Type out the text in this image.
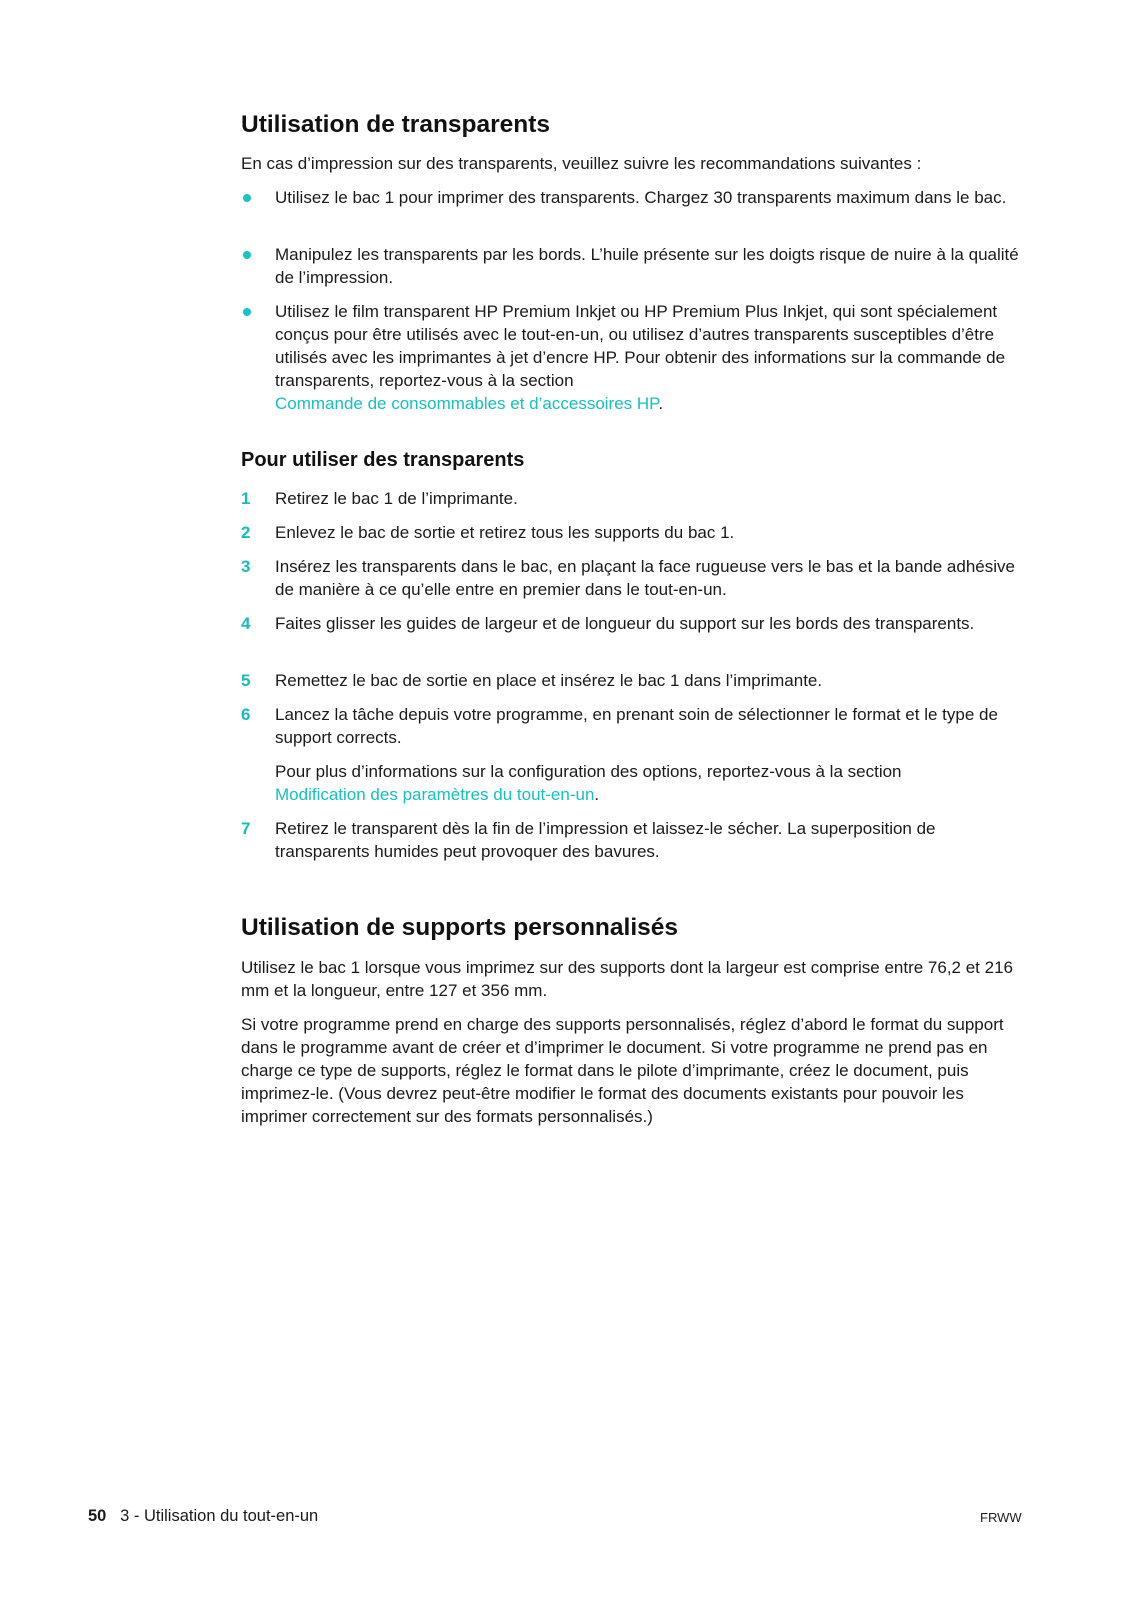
Utilisation de transparents

En cas d’impression sur des transparents, veuillez suivre les recommandations suivantes :

Utilisez le bac 1 pour imprimer des transparents. Chargez 30 transparents maximum dans le bac.
Manipulez les transparents par les bords. L’huile présente sur les doigts risque de nuire à la qualité de l’impression.
Utilisez le film transparent HP Premium Inkjet ou HP Premium Plus Inkjet, qui sont spécialement conçus pour être utilisés avec le tout-en-un, ou utilisez d’autres transparents susceptibles d’être utilisés avec les imprimantes à jet d’encre HP. Pour obtenir des informations sur la commande de transparents, reportez-vous à la section
Commande de consommables et d’accessoires HP.
Pour utiliser des transparents
1 Retirez le bac 1 de l’imprimante.
2 Enlevez le bac de sortie et retirez tous les supports du bac 1.
3 Insérez les transparents dans le bac, en plaçant la face rugueuse vers le bas et la bande adhésive de manière à ce qu’elle entre en premier dans le tout-en-un.
4 Faites glisser les guides de largeur et de longueur du support sur les bords des transparents.
5 Remettez le bac de sortie en place et insérez le bac 1 dans l’imprimante.
6 Lancez la tâche depuis votre programme, en prenant soin de sélectionner le format et le type de support corrects.
Pour plus d’informations sur la configuration des options, reportez-vous à la section
Modification des paramètres du tout-en-un.
7 Retirez le transparent dès la fin de l’impression et laissez-le sécher. La superposition de transparents humides peut provoquer des bavures.
Utilisation de supports personnalisés

Utilisez le bac 1 lorsque vous imprimez sur des supports dont la largeur est comprise entre 76,2 et 216 mm et la longueur, entre 127 et 356 mm.

Si votre programme prend en charge des supports personnalisés, réglez d’abord le format du support dans le programme avant de créer et d’imprimer le document. Si votre programme ne prend pas en charge ce type de supports, réglez le format dans le pilote d’imprimante, créez le document, puis imprimez-le. (Vous devrez peut-être modifier le format des documents existants pour pouvoir les imprimer correctement sur des formats personnalisés.)

50 3 - Utilisation du tout-en-un	FRWW
